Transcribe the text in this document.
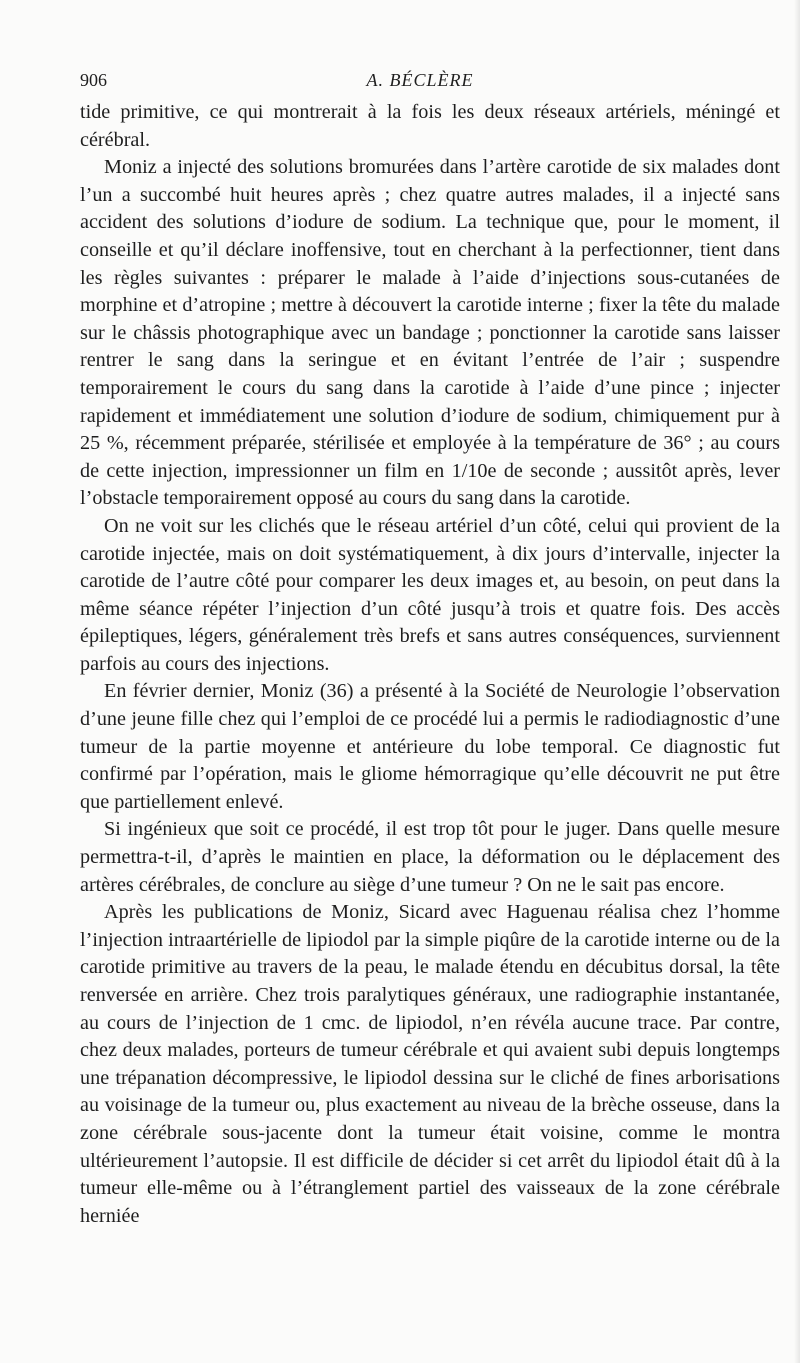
906	A. BÉCLÈRE

tide primitive, ce qui montrerait à la fois les deux réseaux artériels, méningé et cérébral.

Moniz a injecté des solutions bromurées dans l’artère carotide de six malades dont l’un a succombé huit heures après ; chez quatre autres malades, il a injecté sans accident des solutions d’iodure de sodium. La technique que, pour le moment, il conseille et qu’il déclare inoffensive, tout en cherchant à la perfectionner, tient dans les règles suivantes : préparer le malade à l’aide d’injections sous-cutanées de morphine et d’atropine ; mettre à découvert la carotide interne ; fixer la tête du malade sur le châssis photographique avec un bandage ; ponctionner la carotide sans laisser rentrer le sang dans la seringue et en évitant l’entrée de l’air ; suspendre temporairement le cours du sang dans la carotide à l’aide d’une pince ; injecter rapidement et immédiatement une solution d’iodure de sodium, chimiquement pur à 25 %, récemment préparée, stérilisée et employée à la température de 36° ; au cours de cette injection, impressionner un film en 1/10e de seconde ; aussitôt après, lever l’obstacle temporairement opposé au cours du sang dans la carotide.

On ne voit sur les clichés que le réseau artériel d’un côté, celui qui provient de la carotide injectée, mais on doit systématiquement, à dix jours d’intervalle, injecter la carotide de l’autre côté pour comparer les deux images et, au besoin, on peut dans la même séance répéter l’injection d’un côté jusqu’à trois et quatre fois. Des accès épileptiques, légers, généralement très brefs et sans autres conséquences, surviennent parfois au cours des injections.

En février dernier, Moniz (36) a présenté à la Société de Neurologie l’observation d’une jeune fille chez qui l’emploi de ce procédé lui a permis le radiodiagnostic d’une tumeur de la partie moyenne et antérieure du lobe temporal. Ce diagnostic fut confirmé par l’opération, mais le gliome hémorragique qu’elle découvrit ne put être que partiellement enlevé.

Si ingénieux que soit ce procédé, il est trop tôt pour le juger. Dans quelle mesure permettra-t-il, d’après le maintien en place, la déformation ou le déplacement des artères cérébrales, de conclure au siège d’une tumeur ? On ne le sait pas encore.

Après les publications de Moniz, Sicard avec Haguenau réalisa chez l’homme l’injection intraartérielle de lipiodol par la simple piqûre de la carotide interne ou de la carotide primitive au travers de la peau, le malade étendu en décubitus dorsal, la tête renversée en arrière. Chez trois paralytiques généraux, une radiographie instantanée, au cours de l’injection de 1 cmc. de lipiodol, n’en révéla aucune trace. Par contre, chez deux malades, porteurs de tumeur cérébrale et qui avaient subi depuis longtemps une trépanation décompressive, le lipiodol dessina sur le cliché de fines arborisations au voisinage de la tumeur ou, plus exactement au niveau de la brèche osseuse, dans la zone cérébrale sous-jacente dont la tumeur était voisine, comme le montra ultérieurement l’autopsie. Il est difficile de décider si cet arrêt du lipiodol était dû à la tumeur elle-même ou à l’étranglement partiel des vaisseaux de la zone cérébrale herniée
